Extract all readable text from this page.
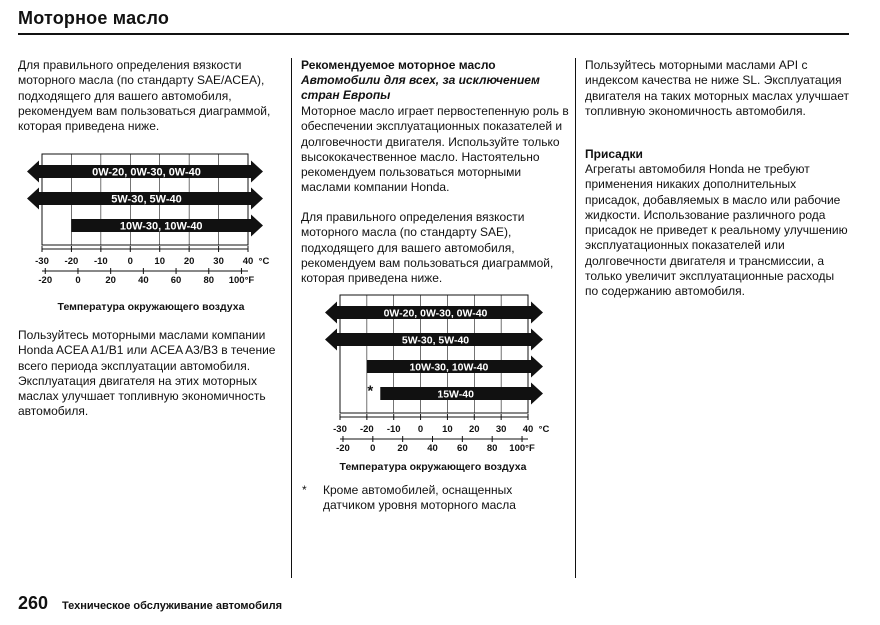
Моторное масло

Для правильного определения вязкости моторного масла (по стандарту SAE/ACEA), подходящего для вашего автомобиля, рекомендуем вам пользоваться диаграммой, которая приведена ниже.

0W-20, 0W-30, 0W-40
5W-30, 5W-40
10W-30, 10W-40
-30 -20 -10 0 10 20 30 40 °C
-20 0	20 40 60 80 100°F
Температура окружающего воздуха

Пользуйтесь моторными маслами компании Honda ACEA A1/B1 или ACEA A3/B3 в течение всего периода эксплуатации автомобиля. Эксплуатация двигателя на этих моторных маслах улучшает топливную экономичность автомобиля.

Рекомендуемое моторное масло
Автомобили для всех, за исключением стран Европы

Моторное масло играет первостепенную роль в обеспечении эксплуатационных показателей и долговечности двигателя. Используйте только высококачественное масло. Настоятельно рекомендуем пользоваться моторными маслами компании Honda.

Для правильного определения вязкости моторного масла (по стандарту SAE), подходящего для вашего автомобиля, рекомендуем вам пользоваться диаграммой, которая приведена ниже.

0W-20, 0W-30, 0W-40
5W-30, 5W-40
10W-30, 10W-40
15W-40
*
-30 -20 -10 0 10 20 30 40 °C
-20 0 20 40 60 80 100°F
Температура окружающего воздуха
* Кроме автомобилей, оснащенных датчиком уровня моторного масла

Пользуйтесь моторными маслами API с индексом качества не ниже SL. Эксплуатация двигателя на таких моторных маслах улучшает топливную экономичность автомобиля.

Присадки

Агрегаты автомобиля Honda не требуют применения никаких дополнительных присадок, добавляемых в масло или рабочие жидкости. Использование различного рода присадок не приведет к реальному улучшению эксплуатационных показателей или долговечности двигателя и трансмиссии, а только увеличит эксплуатационные расходы по содержанию автомобиля.

260 Техническое обслуживание автомобиля
